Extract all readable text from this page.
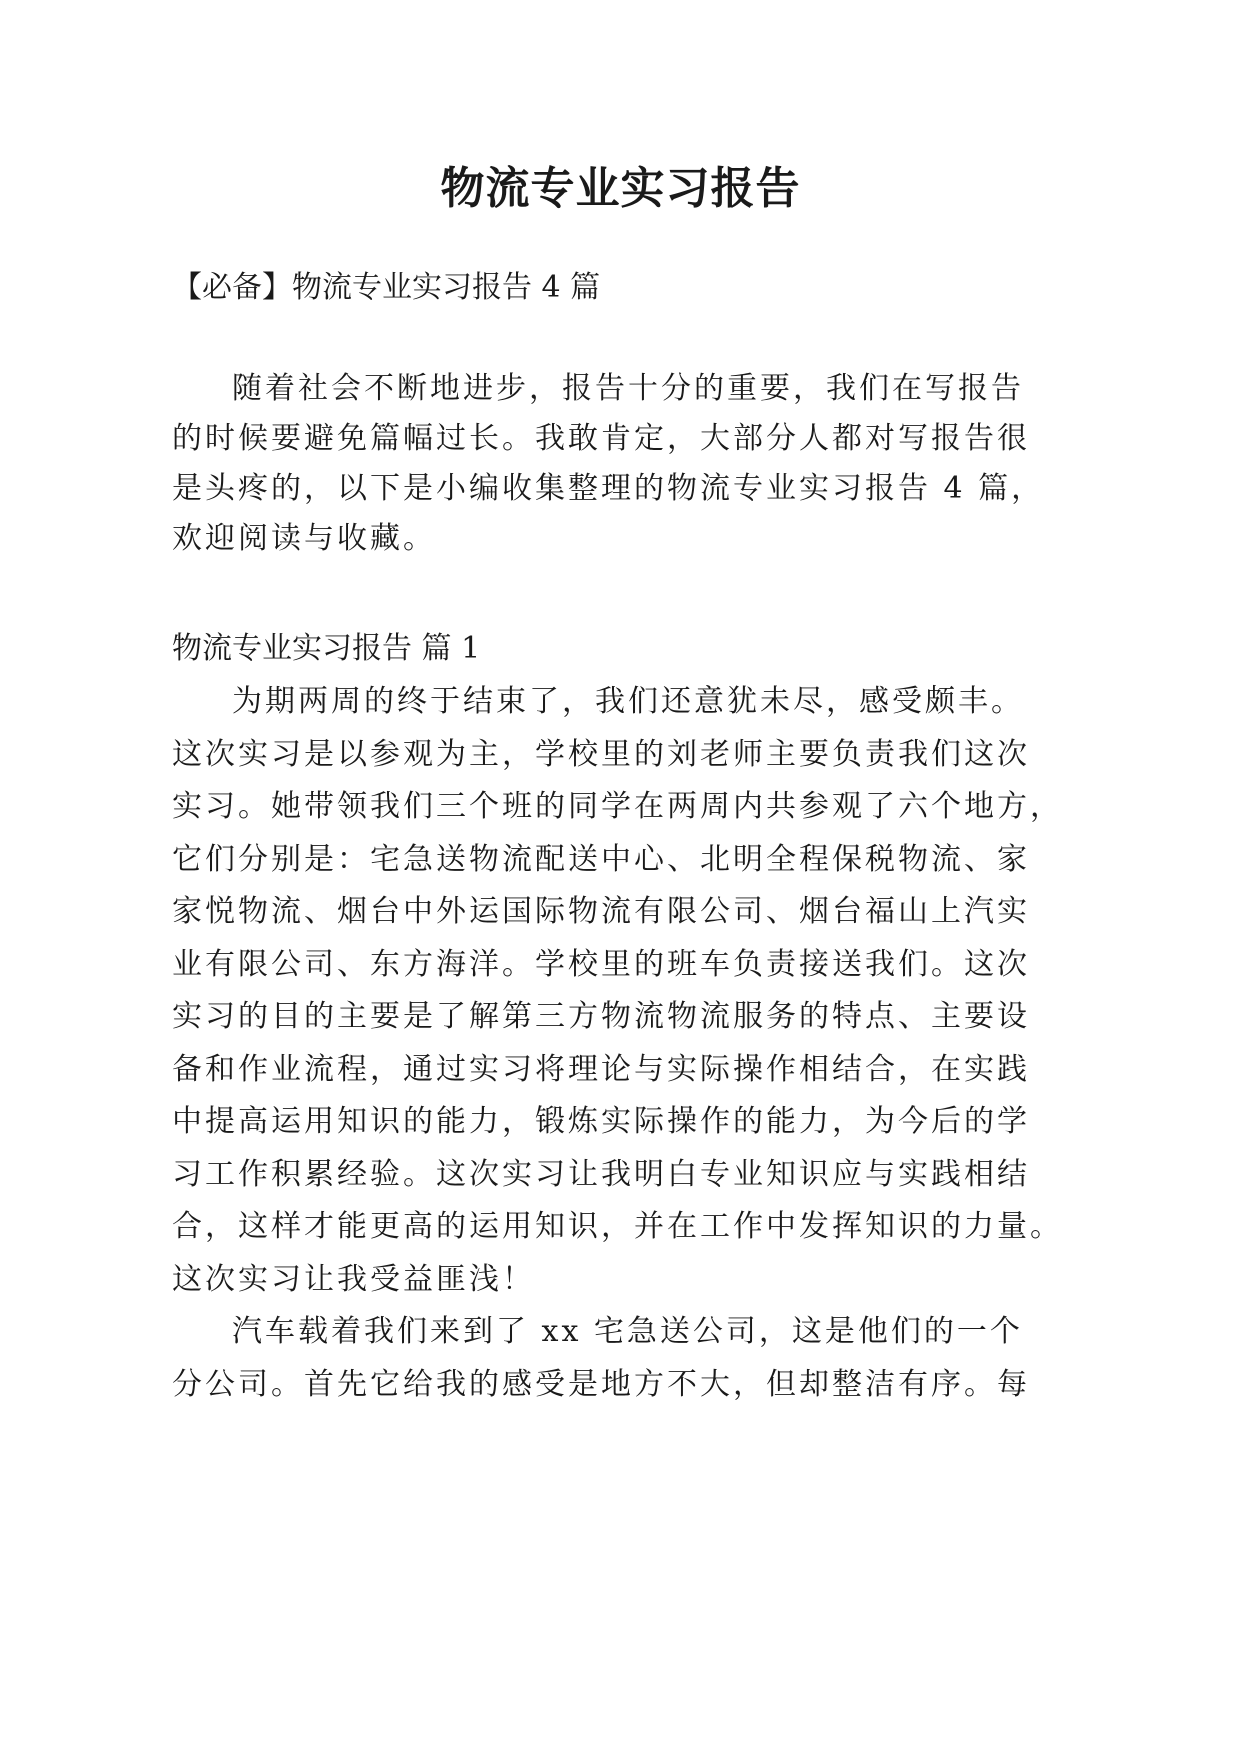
物流专业实习报告

【必备】物流专业实习报告 4 篇

随着社会不断地进步，报告十分的重要，我们在写报告
的时候要避免篇幅过长。我敢肯定，大部分人都对写报告很
是头疼的，以下是小编收集整理的物流专业实习报告 4 篇，
欢迎阅读与收藏。

物流专业实习报告 篇 1

为期两周的终于结束了，我们还意犹未尽，感受颇丰。
这次实习是以参观为主，学校里的刘老师主要负责我们这次
实习。她带领我们三个班的同学在两周内共参观了六个地方，
它们分别是：宅急送物流配送中心、北明全程保税物流、家
家悦物流、烟台中外运国际物流有限公司、烟台福山上汽实
业有限公司、东方海洋。学校里的班车负责接送我们。这次
实习的目的主要是了解第三方物流物流服务的特点、主要设
备和作业流程，通过实习将理论与实际操作相结合，在实践
中提高运用知识的能力，锻炼实际操作的能力，为今后的学
习工作积累经验。这次实习让我明白专业知识应与实践相结
合，这样才能更高的运用知识，并在工作中发挥知识的力量。
这次实习让我受益匪浅！
汽车载着我们来到了 xx 宅急送公司，这是他们的一个
分公司。首先它给我的感受是地方不大，但却整洁有序。每
